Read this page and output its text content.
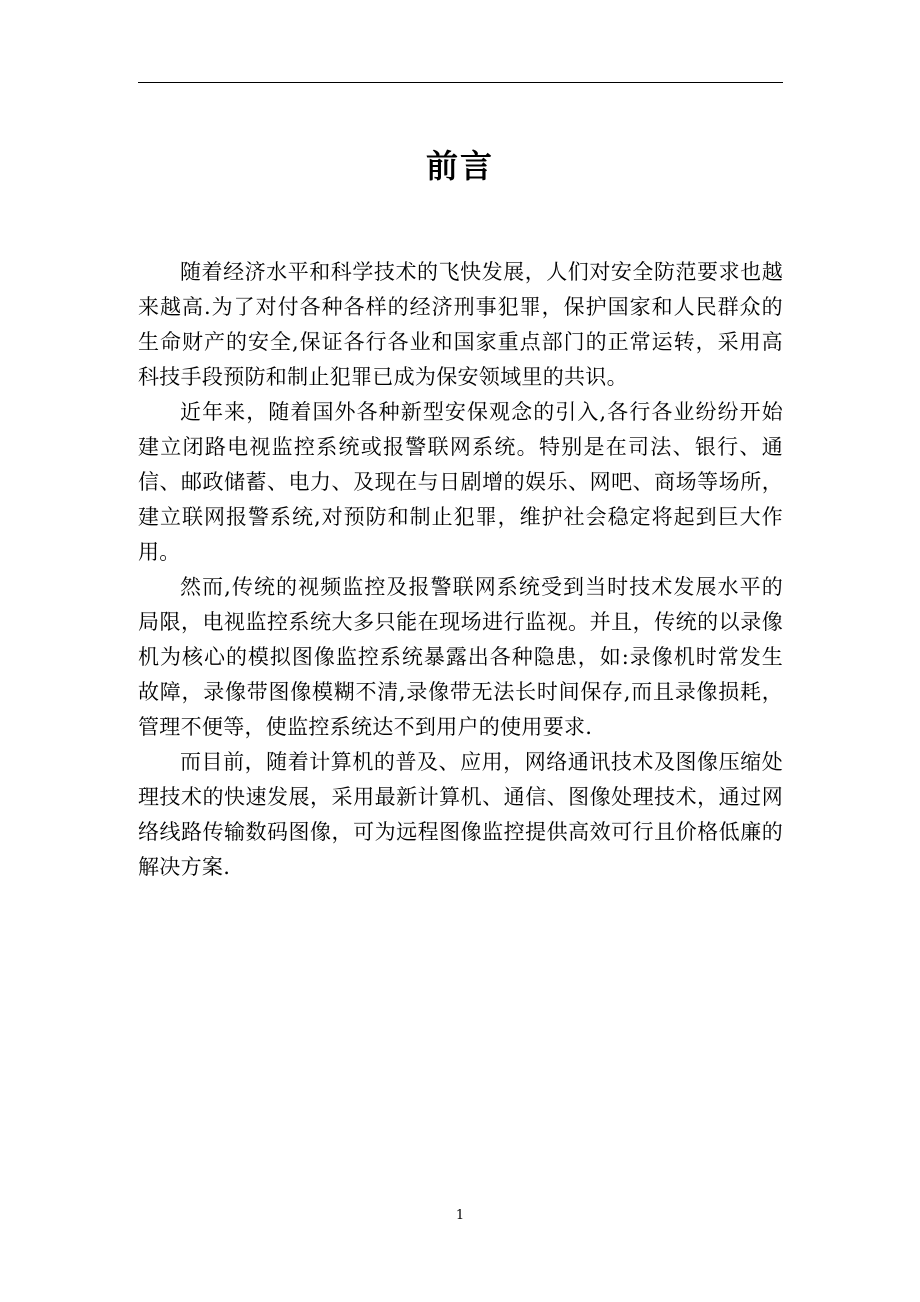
前言

随着经济水平和科学技术的飞快发展，人们对安全防范要求也越来越高.为了对付各种各样的经济刑事犯罪，保护国家和人民群众的生命财产的安全,保证各行各业和国家重点部门的正常运转，采用高科技手段预防和制止犯罪已成为保安领域里的共识。

近年来，随着国外各种新型安保观念的引入,各行各业纷纷开始建立闭路电视监控系统或报警联网系统。特别是在司法、银行、通信、邮政储蓄、电力、及现在与日剧增的娱乐、网吧、商场等场所，建立联网报警系统,对预防和制止犯罪，维护社会稳定将起到巨大作用。

然而,传统的视频监控及报警联网系统受到当时技术发展水平的局限，电视监控系统大多只能在现场进行监视。并且，传统的以录像机为核心的模拟图像监控系统暴露出各种隐患，如:录像机时常发生故障，录像带图像模糊不清,录像带无法长时间保存,而且录像损耗，管理不便等，使监控系统达不到用户的使用要求.

而目前，随着计算机的普及、应用，网络通讯技术及图像压缩处理技术的快速发展，采用最新计算机、通信、图像处理技术，通过网络线路传输数码图像，可为远程图像监控提供高效可行且价格低廉的解决方案.

1
